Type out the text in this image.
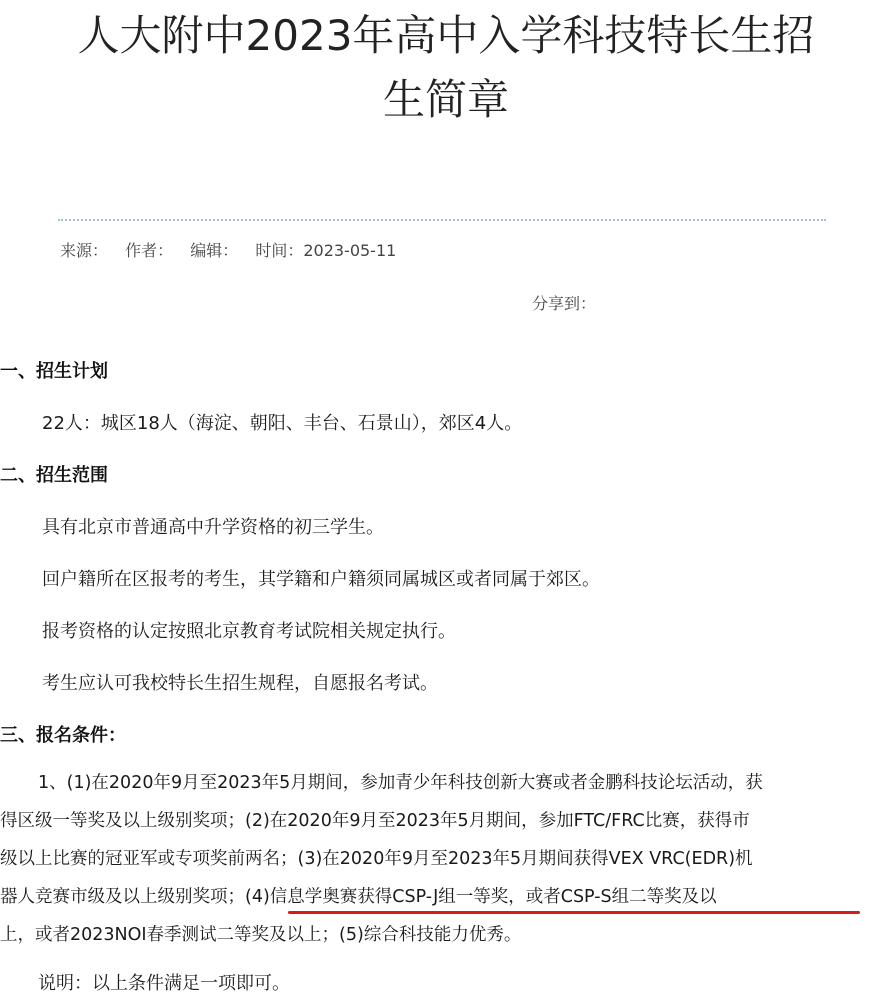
人大附中2023年高中入学科技特长生招
生简章
来源： 作者： 编辑： 时间：2023-05-11
分享到：
一、招生计划
22人：城区18人（海淀、朝阳、丰台、石景山），郊区4人。
二、招生范围
具有北京市普通高中升学资格的初三学生。
回户籍所在区报考的考生，其学籍和户籍须同属城区或者同属于郊区。
报考资格的认定按照北京教育考试院相关规定执行。
考生应认可我校特长生招生规程，自愿报名考试。
三、报名条件：
1、(1)在2020年9月至2023年5月期间，参加青少年科技创新大赛或者金鹏科技论坛活动，获
得区级一等奖及以上级别奖项；(2)在2020年9月至2023年5月期间，参加FTC/FRC比赛，获得市
级以上比赛的冠亚军或专项奖前两名；(3)在2020年9月至2023年5月期间获得VEX VRC(EDR)机
器人竞赛市级及以上级别奖项；(4)信息学奥赛获得CSP-J组一等奖，或者CSP-S组二等奖及以
上，或者2023NOI春季测试二等奖及以上；(5)综合科技能力优秀。
说明：以上条件满足一项即可。
